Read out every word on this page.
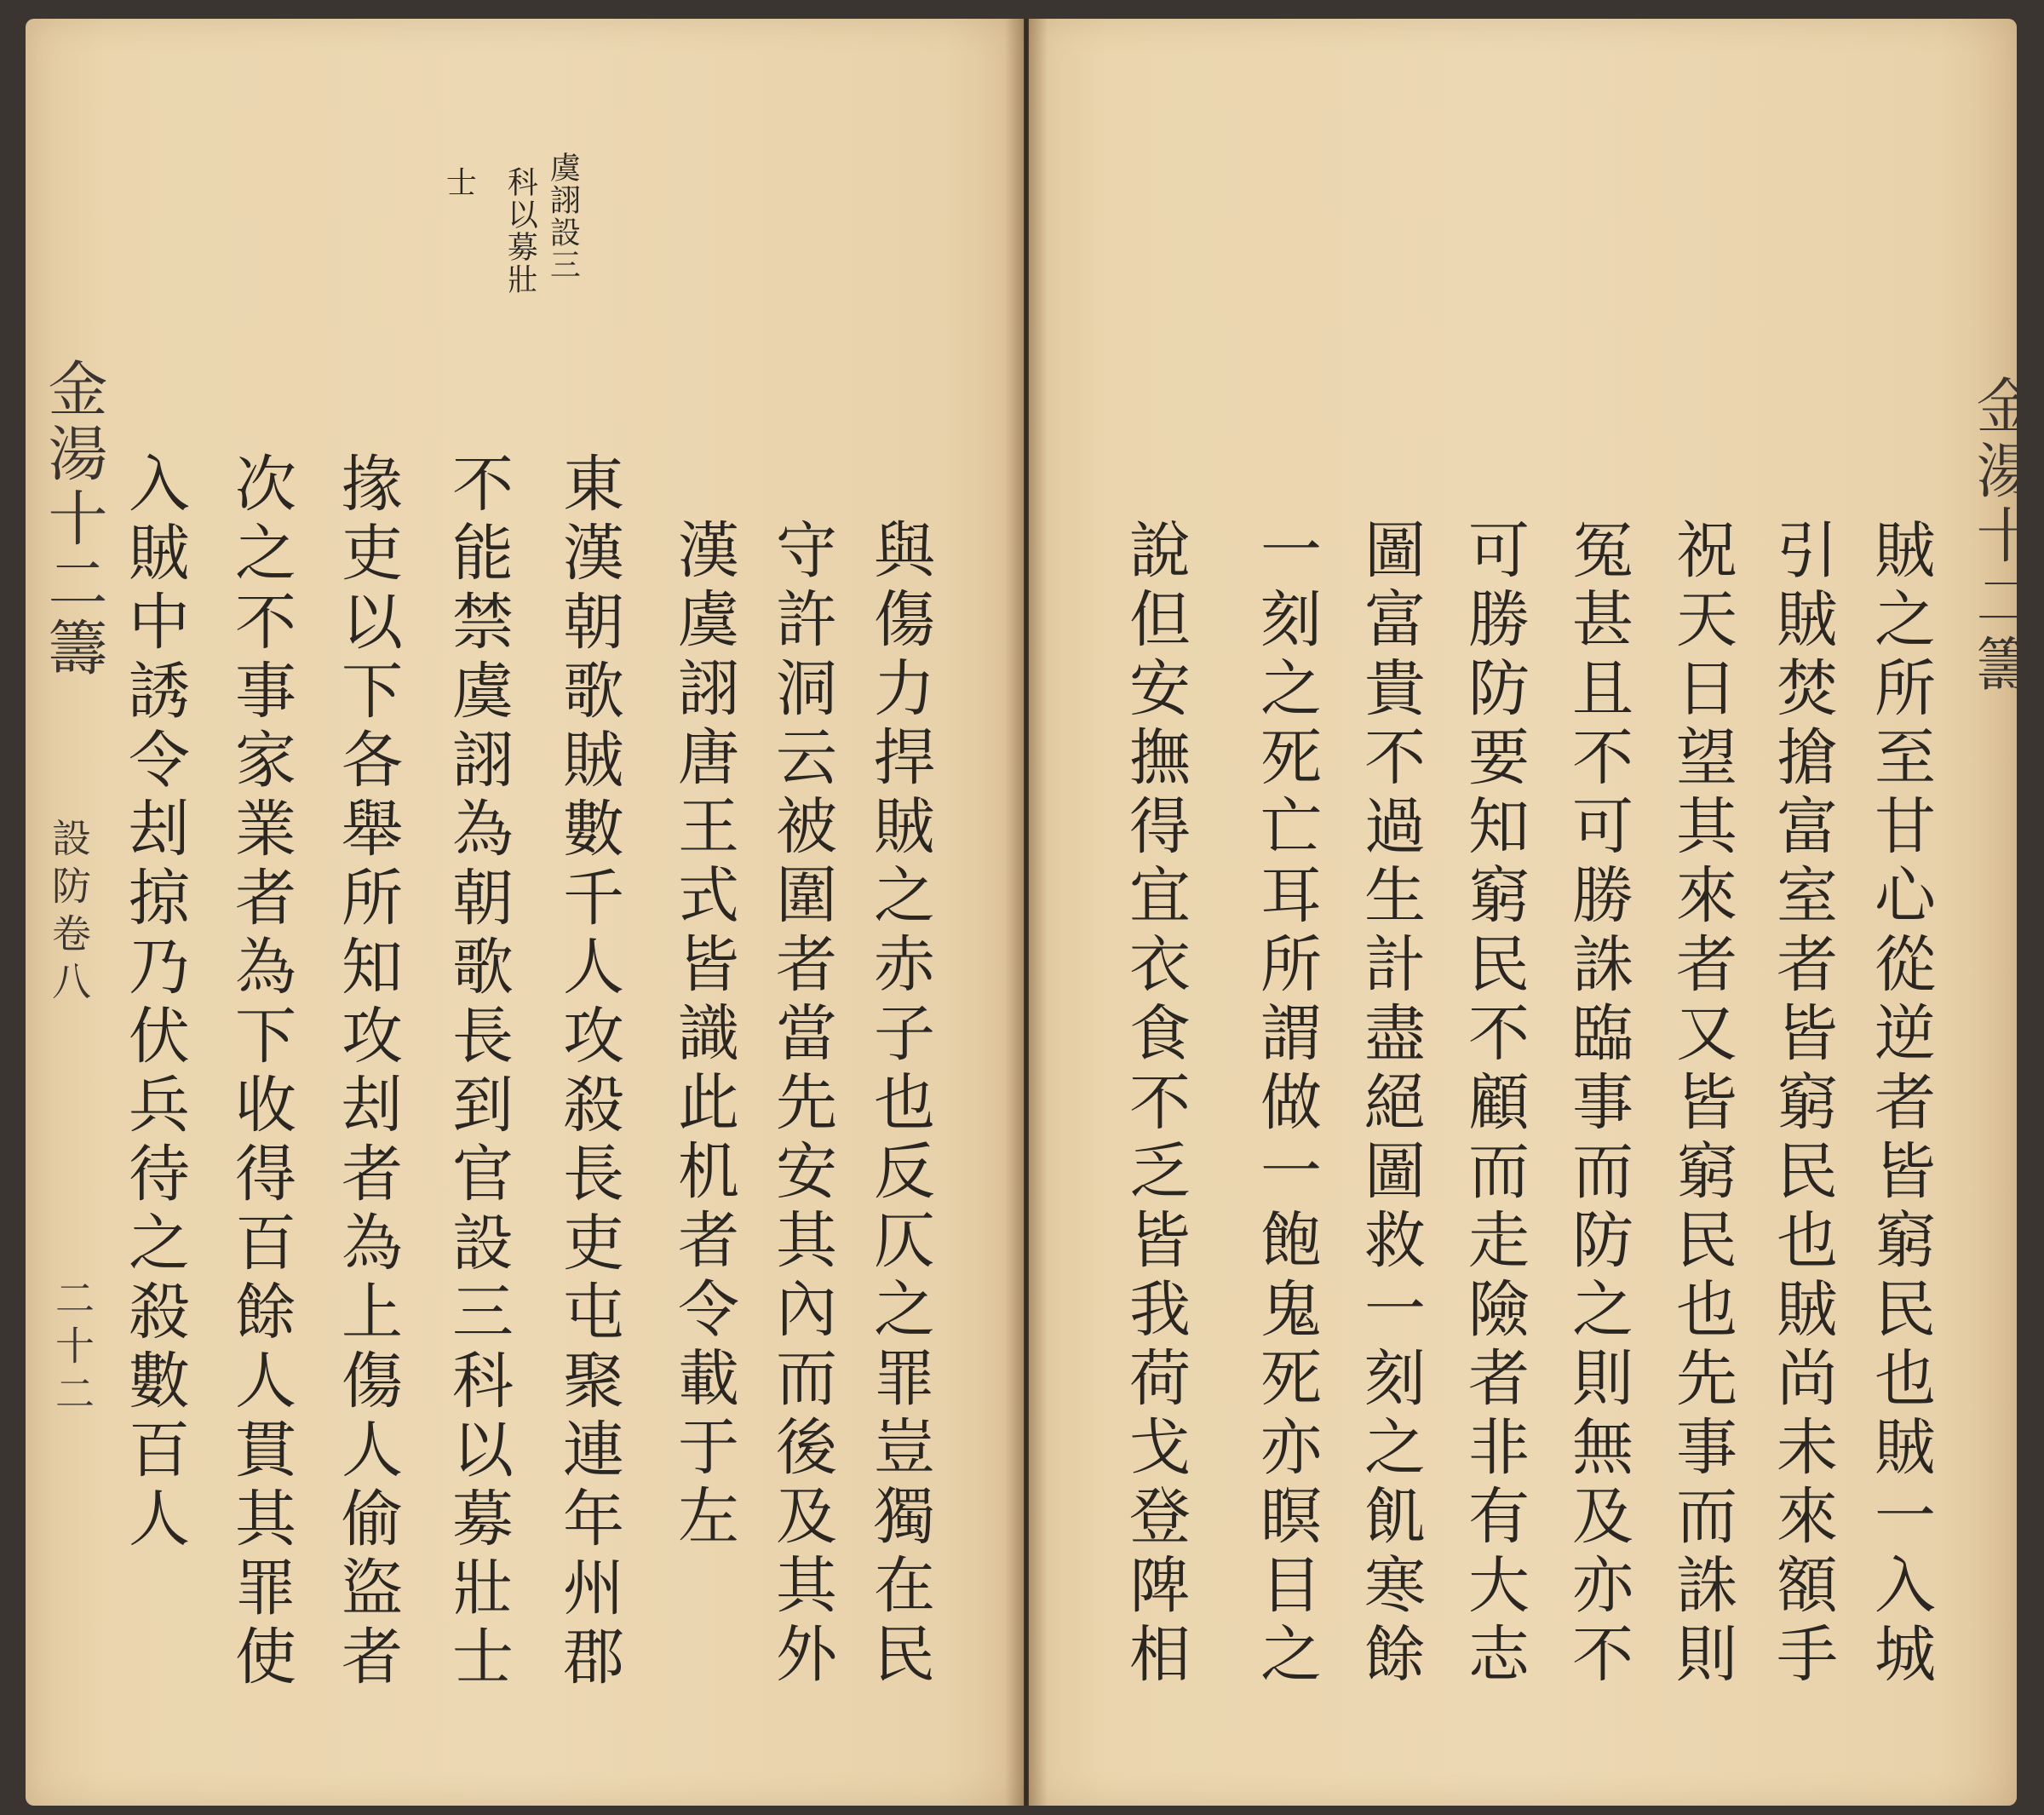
金湯十二籌
設防卷八
二十二
虞詡設三
科以募壯
士
與傷力捍賊之赤子也反仄之罪豈獨在民
守許洞云被圍者當先安其內而後及其外
漢虞詡唐王式皆識此机者令載于左
東漢朝歌賊數千人攻殺長吏屯聚連年州郡
不能禁虞詡為朝歌長到官設三科以募壯士
掾吏以下各舉所知攻刦者為上傷人偷盜者
次之不事家業者為下收得百餘人貫其罪使
入賊中誘令刦掠乃伏兵待之殺數百人	金湯十二籌
賊之所至甘心從逆者皆窮民也賊一入城
引賊焚搶富室者皆窮民也賊尚未來額手
祝天日望其來者又皆窮民也先事而誅則
冤甚且不可勝誅臨事而防之則無及亦不
可勝防要知窮民不顧而走險者非有大志
圖富貴不過生計盡絕圖救一刻之飢寒餘
一刻之死亡耳所謂做一飽鬼死亦瞑目之
說但安撫得宜衣食不乏皆我荷戈登陴相
